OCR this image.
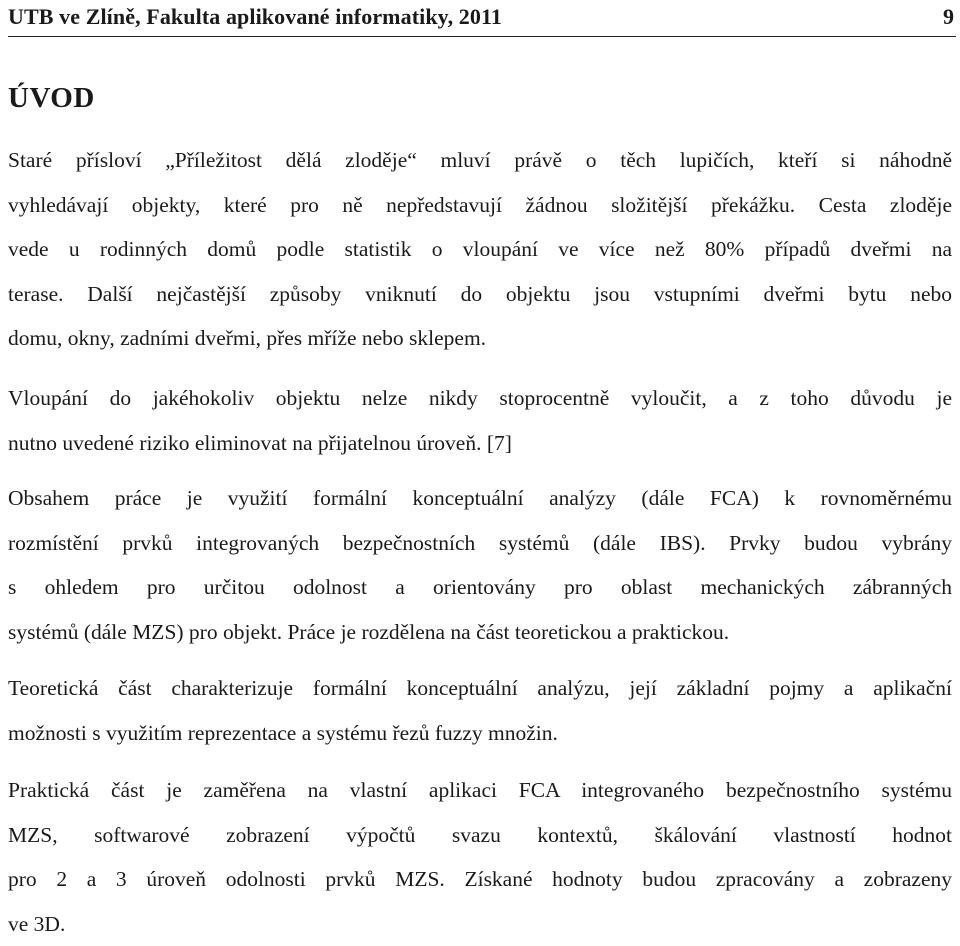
UTB ve Zlíně, Fakulta aplikované informatiky, 2011	9
ÚVOD
Staré přísloví „Příležitost dělá zloděje“ mluví právě o těch lupičích, kteří si náhodně
vyhledávají objekty, které pro ně nepředstavují žádnou složitější překážku. Cesta zloděje
vede u rodinných domů podle statistik o vloupání ve více než 80% případů dveřmi na
terase. Další nejčastější způsoby vniknutí do objektu jsou vstupními dveřmi bytu nebo
domu, okny, zadními dveřmi, přes mříže nebo sklepem.
Vloupání do jakéhokoliv objektu nelze nikdy stoprocentně vyloučit, a z toho důvodu je
nutno uvedené riziko eliminovat na přijatelnou úroveň. [7]
Obsahem práce je využití formální konceptuální analýzy (dále FCA) k rovnoměrnému
rozmístění prvků integrovaných bezpečnostních systémů (dále IBS). Prvky budou vybrány
s ohledem pro určitou odolnost a orientovány pro oblast mechanických zábranných
systémů (dále MZS) pro objekt. Práce je rozdělena na část teoretickou a praktickou.
Teoretická část charakterizuje formální konceptuální analýzu, její základní pojmy a aplikační
možnosti s využitím reprezentace a systému řezů fuzzy množin.
Praktická část je zaměřena na vlastní aplikaci FCA integrovaného bezpečnostního systému
MZS, softwarové zobrazení výpočtů svazu kontextů, škálování vlastností hodnot
pro 2 a 3 úroveň odolnosti prvků MZS. Získané hodnoty budou zpracovány a zobrazeny
ve 3D.
